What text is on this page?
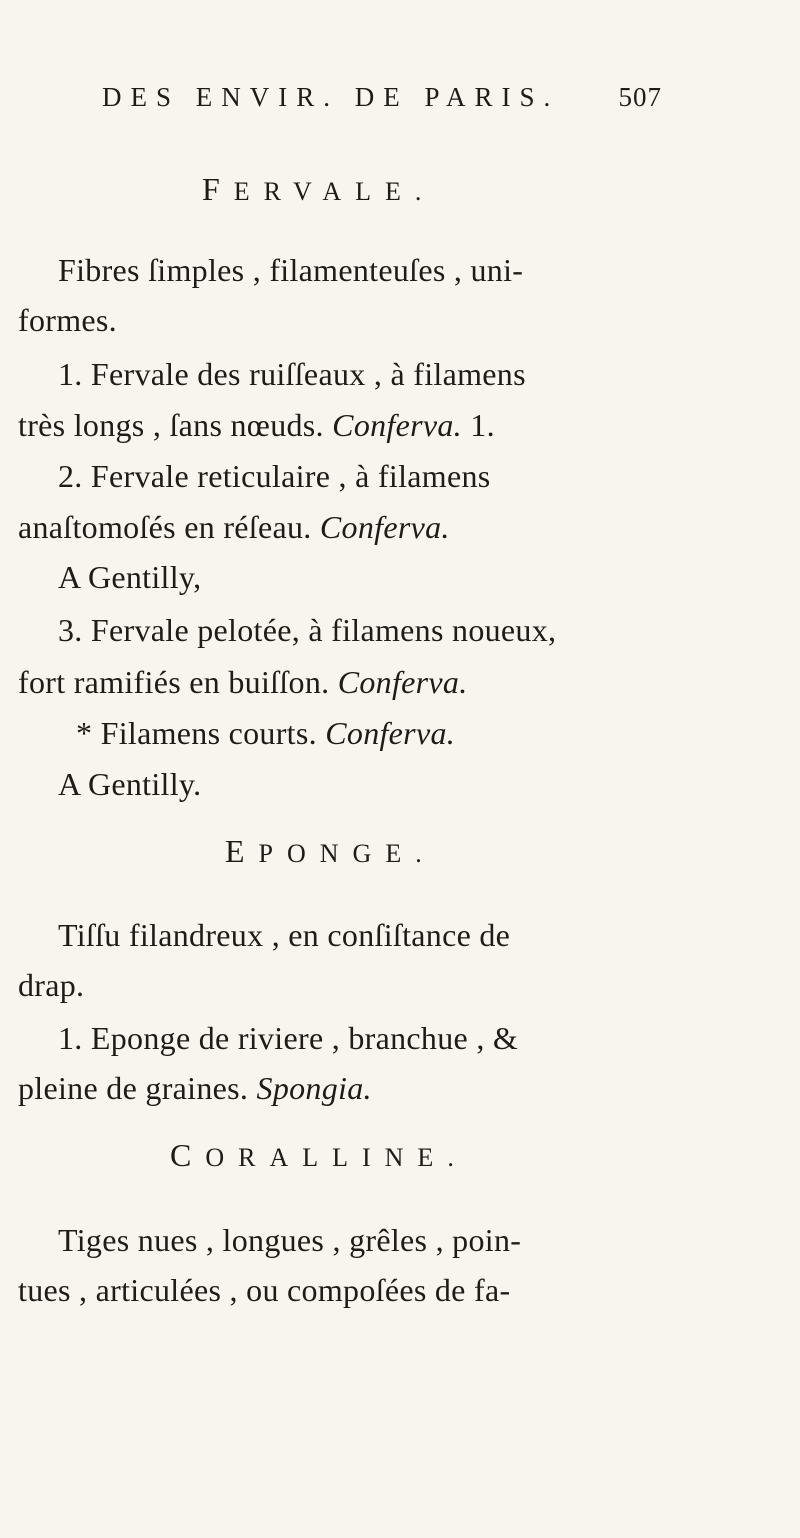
DES ENVIR. DE PARIS. 507
FERVALE.
Fibres ſimples , filamenteuſes , uni-
formes.
1. Fervale des ruiſſeaux , à filamens
très longs , ſans nœuds. Conferva. 1.
2. Fervale reticulaire , à filamens
anaſtomoſés en réſeau. Conferva.
A Gentilly,
3. Fervale pelotée, à filamens noueux,
fort ramifiés en buiſſon. Conferva.
* Filamens courts. Conferva.
A Gentilly.
EPONGE.
Tiſſu filandreux , en conſiſtance de
drap.
1. Eponge de riviere , branchue , &
pleine de graines. Spongia.
CORALLINE.
Tiges nues , longues , grêles , poin-
tues , articulées , ou compoſées de fa-
